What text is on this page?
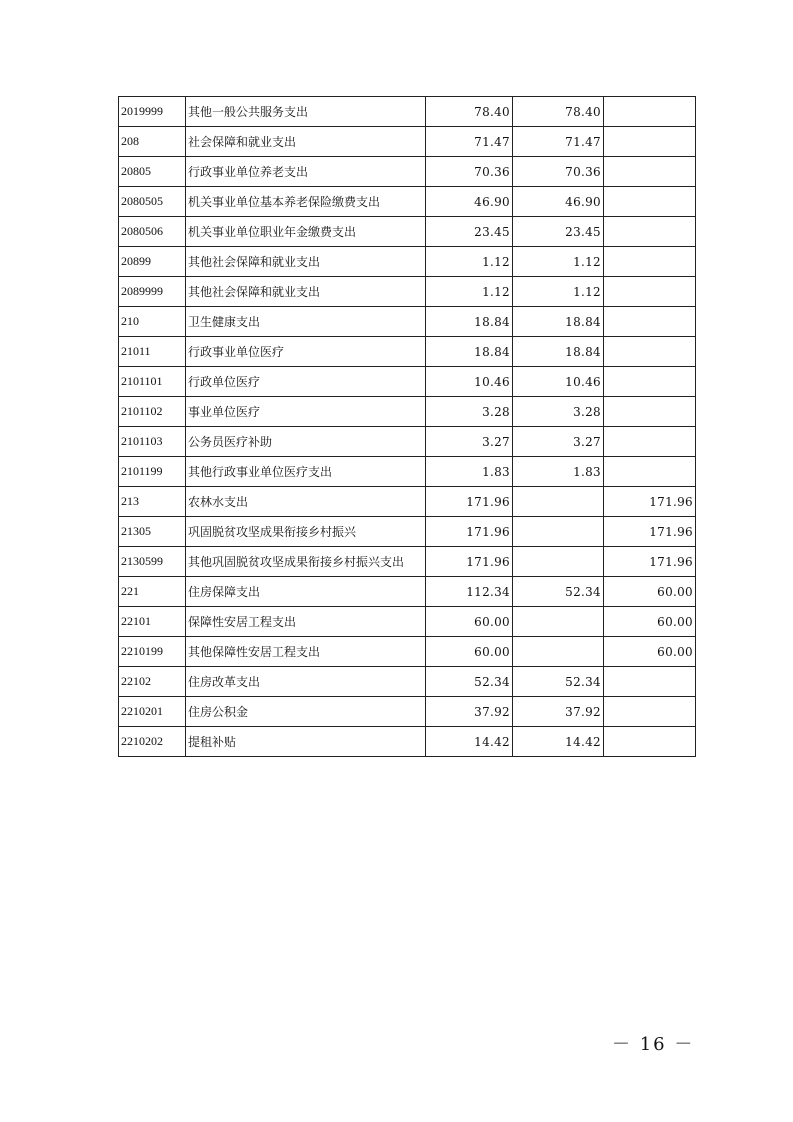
2019999	其他一般公共服务支出	78.40	78.40	
208	社会保障和就业支出	71.47	71.47	
20805	行政事业单位养老支出	70.36	70.36	
2080505	机关事业单位基本养老保险缴费支出	46.90	46.90	
2080506	机关事业单位职业年金缴费支出	23.45	23.45	
20899	其他社会保障和就业支出	1.12	1.12	
2089999	其他社会保障和就业支出	1.12	1.12	
210	卫生健康支出	18.84	18.84	
21011	行政事业单位医疗	18.84	18.84	
2101101	行政单位医疗	10.46	10.46	
2101102	事业单位医疗	3.28	3.28	
2101103	公务员医疗补助	3.27	3.27	
2101199	其他行政事业单位医疗支出	1.83	1.83	
213	农林水支出	171.96		171.96
21305	巩固脱贫攻坚成果衔接乡村振兴	171.96		171.96
2130599	其他巩固脱贫攻坚成果衔接乡村振兴支出	171.96		171.96
221	住房保障支出	112.34	52.34	60.00
22101	保障性安居工程支出	60.00		60.00
2210199	其他保障性安居工程支出	60.00		60.00
22102	住房改革支出	52.34	52.34	
2210201	住房公积金	37.92	37.92	
2210202	提租补贴	14.42	14.42	
－ 16 －
